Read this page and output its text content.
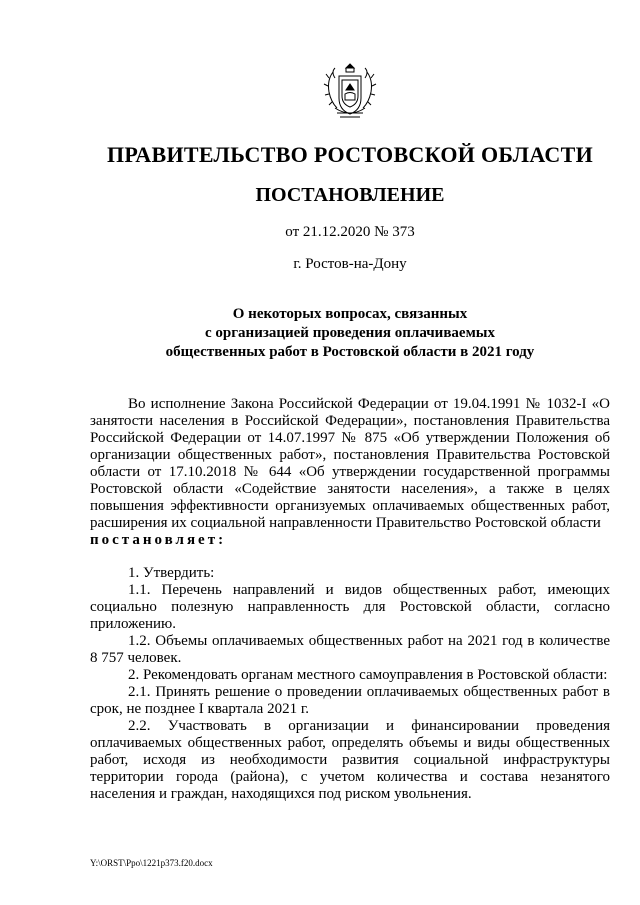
ПРАВИТЕЛЬСТВО РОСТОВСКОЙ ОБЛАСТИ
ПОСТАНОВЛЕНИЕ
от 21.12.2020 № 373
г. Ростов-на-Дону
О некоторых вопросах, связанных
с организацией проведения оплачиваемых
общественных работ в Ростовской области в 2021 году

Во исполнение Закона Российской Федерации от 19.04.1991 № 1032-I «О занятости населения в Российской Федерации», постановления Правительства Российской Федерации от 14.07.1997 № 875 «Об утверждении Положения об организации общественных работ», постановления Правительства Ростовской области от 17.10.2018 № 644 «Об утверждении государственной программы Ростовской области «Содействие занятости населения», а также в целях повышения эффективности организуемых оплачиваемых общественных работ, расширения их социальной направленности Правительство Ростовской области

постановляет:

1. Утвердить:

1.1. Перечень направлений и видов общественных работ, имеющих социально полезную направленность для Ростовской области, согласно приложению.

1.2. Объемы оплачиваемых общественных работ на 2021 год в количестве 8 757 человек.

2. Рекомендовать органам местного самоуправления в Ростовской области:

2.1. Принять решение о проведении оплачиваемых общественных работ в срок, не позднее I квартала 2021 г.

2.2. Участвовать в организации и финансировании проведения оплачиваемых общественных работ, определять объемы и виды общественных работ, исходя из необходимости развития социальной инфраструктуры территории города (района), с учетом количества и состава незанятого населения и граждан, находящихся под риском увольнения.

Y:\ORST\Ppo\1221p373.f20.docx
